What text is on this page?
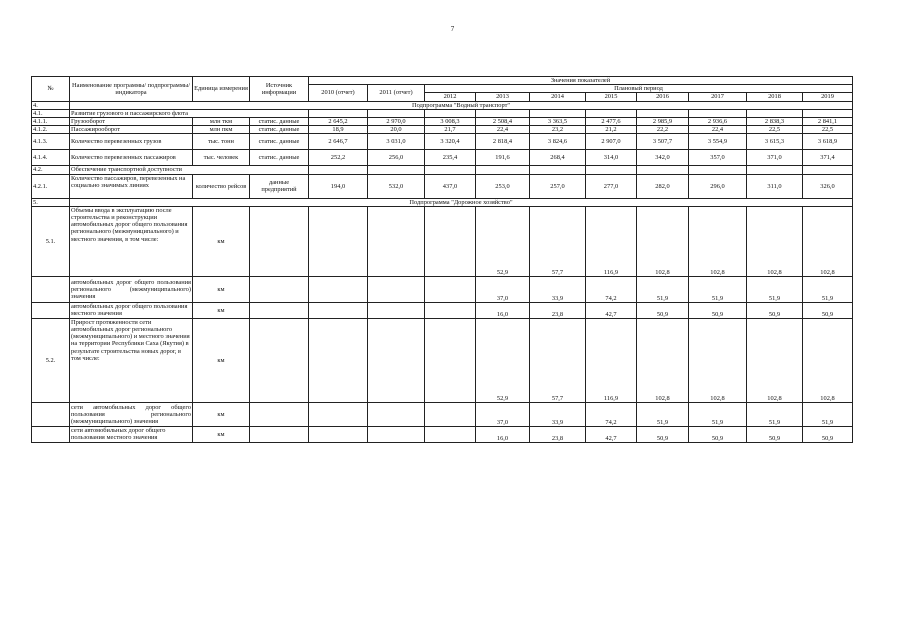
7
№	Наименование программы/ подпрограммы/ индикатора	Единица измерения	Источник информации	Значения показателей									
				2010 (отчет)	2011 (отчет)	Плановый период							
						2012	2013	2014	2015	2016	2017	2018	2019
4.	Подпрограмма "Водный транспорт"												
4.1.	Развитие грузового и пассажирского флота												
4.1.1.	Грузооборот	млн ткм	статис. данные	2 645,2	2 970,0	3 008,3	2 508,4	3 363,5	2 477,6	2 985,9	2 936,6	2 838,3	2 841,1
4.1.2.	Пассажирооборот	млн пкм	статис. данные	18,9	20,0	21,7	22,4	23,2	21,2	22,2	22,4	22,5	22,5
4.1.3.	Количество перевезенных грузов	тыс. тонн	статис. данные	2 646,7	3 031,0	3 320,4	2 818,4	3 824,6	2 907,0	3 507,7	3 554,9	3 615,3	3 618,9
4.1.4.	Количество перевезенных пассажиров	тыс. человек	статис. данные	252,2	256,0	235,4	191,6	268,4	314,0	342,0	357,0	371,0	371,4
4.2.	Обеспечение транспортной доступности												
4.2.1.	Количество пассажиров, перевезенных на социально значимых линиях	количество рейсов	данные предприятий	194,0	532,0	437,0	253,0	257,0	277,0	282,0	296,0	311,0	326,0
5.	Подпрограмма "Дорожное хозяйство"												
5.1.	Объемы ввода в эксплуатацию после строительства и реконструкции автомобильных дорог общего пользования регионального (межмуниципального) и местного значения, в том числе:	км					52,9	57,7	116,9	102,8	102,8	102,8	102,8
	автомобильных дорог общего пользования регионального (межмуниципального) значения	км					37,0	33,9	74,2	51,9	51,9	51,9	51,9
	автомобильных дорог общего пользования местного значения	км					16,0	23,8	42,7	50,9	50,9	50,9	50,9
5.2.	Прирост протяженности сети автомобильных дорог регионального (межмуниципального) и местного значения на территории Республики Саха (Якутия) в результате строительства новых дорог, в том числе:	км					52,9	57,7	116,9	102,8	102,8	102,8	102,8
	сети автомобильных дорог общего пользования регионального (межмуниципального) значения	км					37,0	33,9	74,2	51,9	51,9	51,9	51,9
	сети автомобильных дорог общего пользования местного значения	км					16,0	23,8	42,7	50,9	50,9	50,9	50,9
